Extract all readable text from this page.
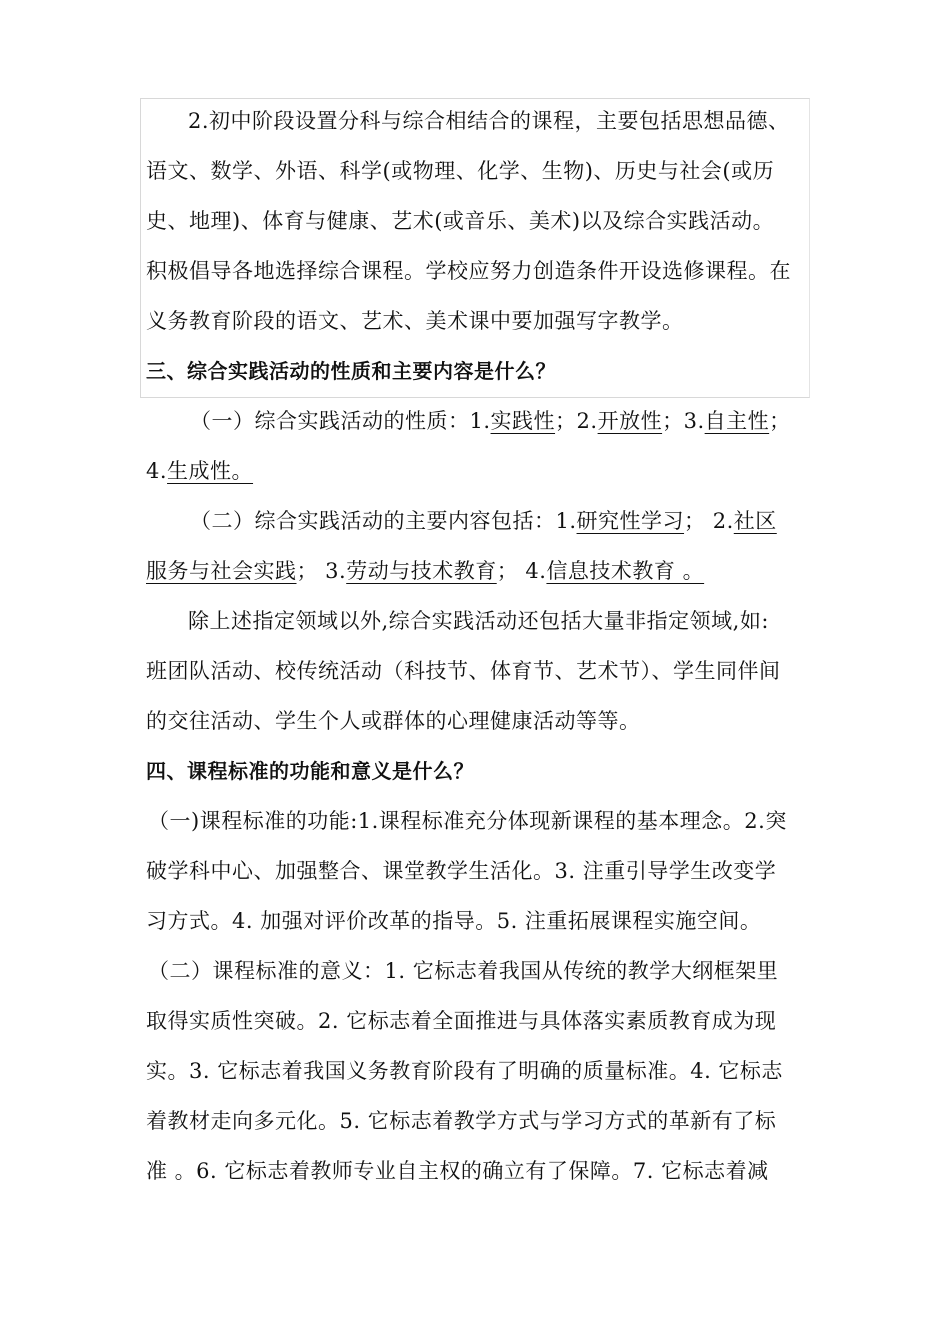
2.初中阶段设置分科与综合相结合的课程，主要包括思想品德、
语文、数学、外语、科学(或物理、化学、生物)、历史与社会(或历
史、地理)、体育与健康、艺术(或音乐、美术)以及综合实践活动。
积极倡导各地选择综合课程。学校应努力创造条件开设选修课程。在
义务教育阶段的语文、艺术、美术课中要加强写字教学。
三、综合实践活动的性质和主要内容是什么？
（一）综合实践活动的性质：1.实践性；2.开放性；3.自主性；
4.生成性。
（二）综合实践活动的主要内容包括：1.研究性学习； 2.社区
服务与社会实践； 3.劳动与技术教育； 4.信息技术教育 。
除上述指定领域以外,综合实践活动还包括大量非指定领域,如:
班团队活动、校传统活动（科技节、体育节、艺术节）、学生同伴间
的交往活动、学生个人或群体的心理健康活动等等。
四、课程标准的功能和意义是什么？
（一)课程标准的功能:1.课程标准充分体现新课程的基本理念。2.突
破学科中心、加强整合、课堂教学生活化。3. 注重引导学生改变学
习方式。4. 加强对评价改革的指导。5. 注重拓展课程实施空间。
（二）课程标准的意义：1. 它标志着我国从传统的教学大纲框架里
取得实质性突破。2. 它标志着全面推进与具体落实素质教育成为现
实。3. 它标志着我国义务教育阶段有了明确的质量标准。4. 它标志
着教材走向多元化。5. 它标志着教学方式与学习方式的革新有了标
准 。6. 它标志着教师专业自主权的确立有了保障。7. 它标志着减
